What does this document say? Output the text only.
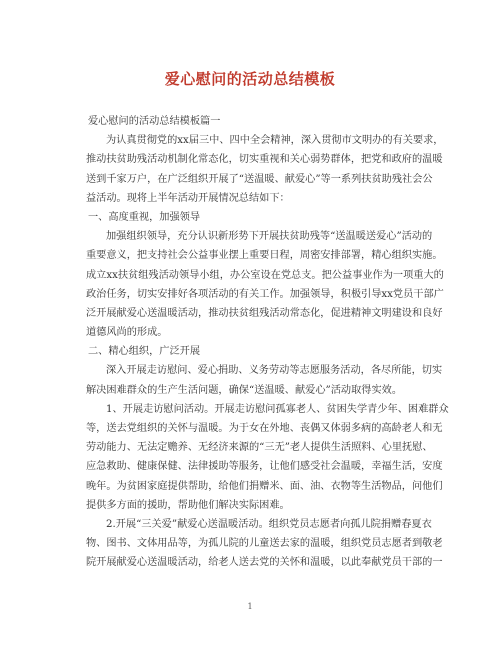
爱心慰问的活动总结模板
爱心慰问的活动总结模板篇一
为认真贯彻党的xx届三中、四中全会精神，深入贯彻市文明办的有关要求，
推动扶贫助残活动机制化常态化，切实重视和关心弱势群体，把党和政府的温暖
送到千家万户，在广泛组织开展了“送温暖、献爱心”等一系列扶贫助残社会公
益活动。现将上半年活动开展情况总结如下：
一、高度重视，加强领导
加强组织领导，充分认识新形势下开展扶贫助残等“送温暖送爱心”活动的
重要意义，把支持社会公益事业摆上重要日程，周密安排部署，精心组织实施。
成立xx扶贫组残活动领导小组，办公室设在党总支。把公益事业作为一项重大的
政治任务，切实安排好各项活动的有关工作。加强领导，积极引导xx党员干部广
泛开展献爱心送温暖活动，推动扶贫组残活动常态化，促进精神文明建设和良好
道德风尚的形成。
二、精心组织，广泛开展
深入开展走访慰问、爱心捐助、义务劳动等志愿服务活动，各尽所能，切实
解决困难群众的生产生活问题，确保“送温暖、献爱心”活动取得实效。
1、开展走访慰问活动。开展走访慰问孤寡老人、贫困失学青少年、困难群众
等，送去党组织的关怀与温暖。为于女在外地、丧偶又体弱多病的高龄老人和无
劳动能力、无法定赡养、无经济来源的“三无”老人提供生活照料、心里抚慰、
应急救助、健康保健、法律援助等服务，让他们感受社会温暖，幸福生活，安度
晚年。为贫困家庭提供帮助，给他们捐赠米、面、油、衣物等生活物品，问他们
提供多方面的援助，帮助他们解决实际困难。
2.开展“三关爱”献爱心送温暖活动。组织党员志愿者向孤儿院捐赠春夏衣
物、图书、文体用品等，为孤儿院的儿童送去家的温暖，组织党员志愿者到敬老
院开展献爱心送温暖活动，给老人送去党的关怀和温暖，以此奉献党员干部的一
1
